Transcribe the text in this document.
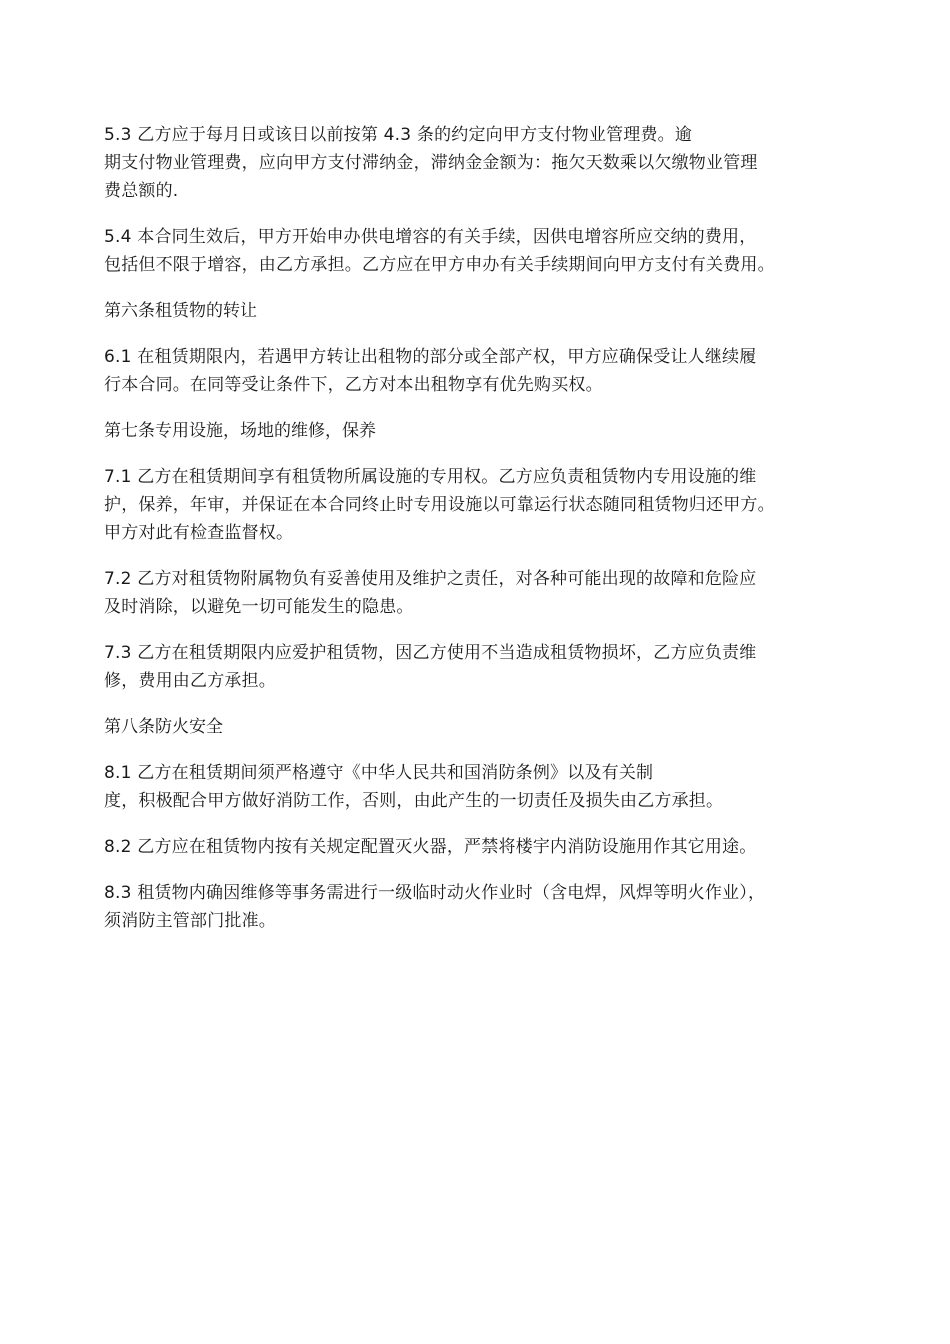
5.3 乙方应于每月日或该日以前按第 4.3 条的约定向甲方支付物业管理费。逾
期支付物业管理费，应向甲方支付滞纳金，滞纳金金额为：拖欠天数乘以欠缴物业管理
费总额的.

5.4 本合同生效后，甲方开始申办供电增容的有关手续，因供电增容所应交纳的费用，
包括但不限于增容，由乙方承担。乙方应在甲方申办有关手续期间向甲方支付有关费用。

第六条租赁物的转让

6.1 在租赁期限内，若遇甲方转让出租物的部分或全部产权，甲方应确保受让人继续履
行本合同。在同等受让条件下，乙方对本出租物享有优先购买权。

第七条专用设施，场地的维修，保养

7.1 乙方在租赁期间享有租赁物所属设施的专用权。乙方应负责租赁物内专用设施的维
护，保养，年审，并保证在本合同终止时专用设施以可靠运行状态随同租赁物归还甲方。
甲方对此有检查监督权。

7.2 乙方对租赁物附属物负有妥善使用及维护之责任，对各种可能出现的故障和危险应
及时消除，以避免一切可能发生的隐患。

7.3 乙方在租赁期限内应爱护租赁物，因乙方使用不当造成租赁物损坏，乙方应负责维
修，费用由乙方承担。

第八条防火安全

8.1 乙方在租赁期间须严格遵守《中华人民共和国消防条例》以及有关制
度，积极配合甲方做好消防工作，否则，由此产生的一切责任及损失由乙方承担。

8.2 乙方应在租赁物内按有关规定配置灭火器，严禁将楼宇内消防设施用作其它用途。

8.3 租赁物内确因维修等事务需进行一级临时动火作业时（含电焊，风焊等明火作业），
须消防主管部门批准。
